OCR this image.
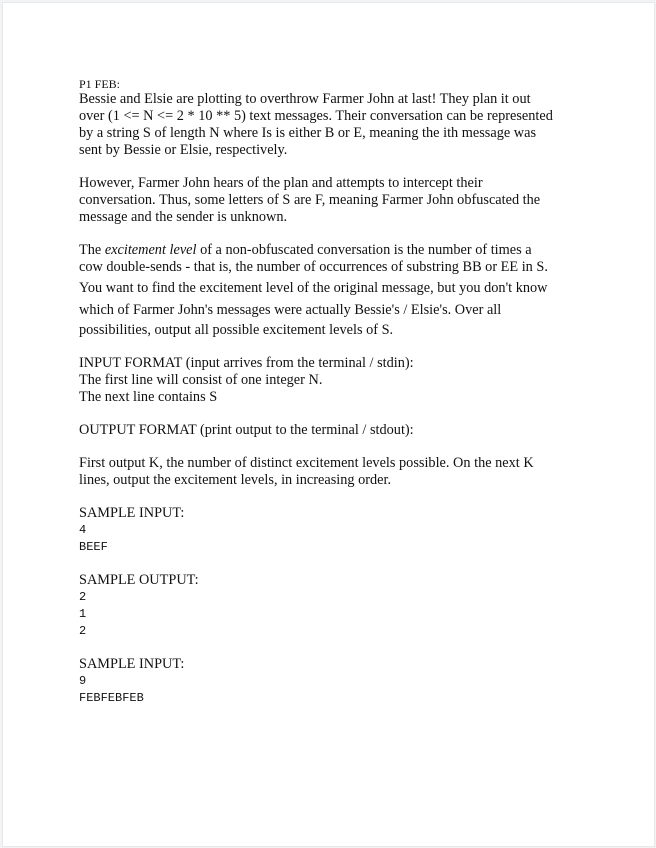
P1 FEB:
Bessie and Elsie are plotting to overthrow Farmer John at last! They plan it out
over (1 <= N <= 2 * 10 ** 5) text messages. Their conversation can be represented
by a string S of length N where Is is either B or E, meaning the ith message was
sent by Bessie or Elsie, respectively.
However, Farmer John hears of the plan and attempts to intercept their
conversation. Thus, some letters of S are F, meaning Farmer John obfuscated the
message and the sender is unknown.
The excitement level of a non-obfuscated conversation is the number of times a
cow double-sends - that is, the number of occurrences of substring BB or EE in S.
You want to find the excitement level of the original message, but you don't know
which of Farmer John's messages were actually Bessie's / Elsie's. Over all
possibilities, output all possible excitement levels of S.
INPUT FORMAT (input arrives from the terminal / stdin):
The first line will consist of one integer N.
The next line contains S
OUTPUT FORMAT (print output to the terminal / stdout):
First output K, the number of distinct excitement levels possible. On the next K
lines, output the excitement levels, in increasing order.
SAMPLE INPUT:
4
BEEF
SAMPLE OUTPUT:
2
1
2
SAMPLE INPUT:
9
FEBFEBFEB
